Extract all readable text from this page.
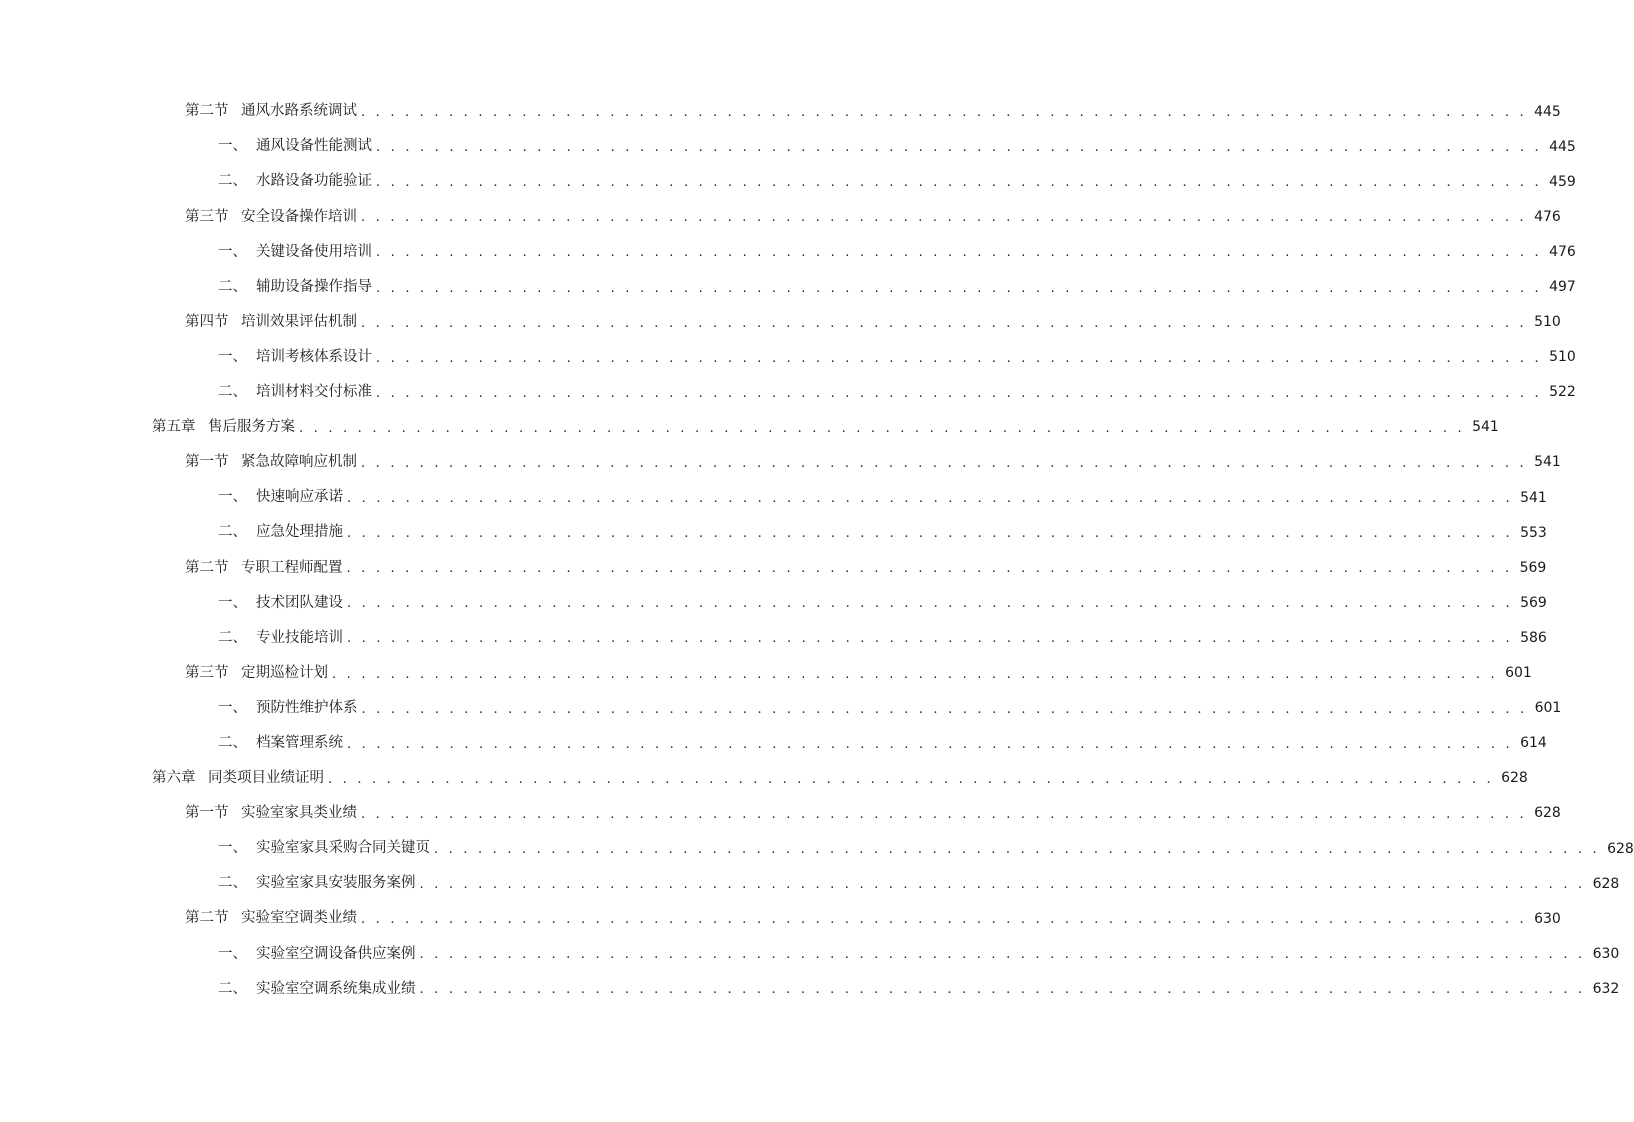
第二节 通风水路系统调试 . . . . . . . . . . . . . . . . . . . . . . . . . . . . . . . . . . . . . . . . . . . . . . . . . . . . . . . . . . . . . . . . . . . . . . . . . . . . . . . . 445
一、 通风设备性能测试 . . . . . . . . . . . . . . . . . . . . . . . . . . . . . . . . . . . . . . . . . . . . . . . . . . . . . . . . . . . . . . . . . . . . . . . . . . . . . . . . 445
二、 水路设备功能验证 . . . . . . . . . . . . . . . . . . . . . . . . . . . . . . . . . . . . . . . . . . . . . . . . . . . . . . . . . . . . . . . . . . . . . . . . . . . . . . . . 459
第三节 安全设备操作培训 . . . . . . . . . . . . . . . . . . . . . . . . . . . . . . . . . . . . . . . . . . . . . . . . . . . . . . . . . . . . . . . . . . . . . . . . . . . . . . . . 476
一、 关键设备使用培训 . . . . . . . . . . . . . . . . . . . . . . . . . . . . . . . . . . . . . . . . . . . . . . . . . . . . . . . . . . . . . . . . . . . . . . . . . . . . . . . . 476
二、 辅助设备操作指导 . . . . . . . . . . . . . . . . . . . . . . . . . . . . . . . . . . . . . . . . . . . . . . . . . . . . . . . . . . . . . . . . . . . . . . . . . . . . . . . . 497
第四节 培训效果评估机制 . . . . . . . . . . . . . . . . . . . . . . . . . . . . . . . . . . . . . . . . . . . . . . . . . . . . . . . . . . . . . . . . . . . . . . . . . . . . . . . . 510
一、 培训考核体系设计 . . . . . . . . . . . . . . . . . . . . . . . . . . . . . . . . . . . . . . . . . . . . . . . . . . . . . . . . . . . . . . . . . . . . . . . . . . . . . . . . 510
二、 培训材料交付标准 . . . . . . . . . . . . . . . . . . . . . . . . . . . . . . . . . . . . . . . . . . . . . . . . . . . . . . . . . . . . . . . . . . . . . . . . . . . . . . . . 522
第五章 售后服务方案 . . . . . . . . . . . . . . . . . . . . . . . . . . . . . . . . . . . . . . . . . . . . . . . . . . . . . . . . . . . . . . . . . . . . . . . . . . . . . . . . 541
第一节 紧急故障响应机制 . . . . . . . . . . . . . . . . . . . . . . . . . . . . . . . . . . . . . . . . . . . . . . . . . . . . . . . . . . . . . . . . . . . . . . . . . . . . . . . . 541
一、 快速响应承诺 . . . . . . . . . . . . . . . . . . . . . . . . . . . . . . . . . . . . . . . . . . . . . . . . . . . . . . . . . . . . . . . . . . . . . . . . . . . . . . . . 541
二、 应急处理措施 . . . . . . . . . . . . . . . . . . . . . . . . . . . . . . . . . . . . . . . . . . . . . . . . . . . . . . . . . . . . . . . . . . . . . . . . . . . . . . . . 553
第二节 专职工程师配置 . . . . . . . . . . . . . . . . . . . . . . . . . . . . . . . . . . . . . . . . . . . . . . . . . . . . . . . . . . . . . . . . . . . . . . . . . . . . . . . . 569
一、 技术团队建设 . . . . . . . . . . . . . . . . . . . . . . . . . . . . . . . . . . . . . . . . . . . . . . . . . . . . . . . . . . . . . . . . . . . . . . . . . . . . . . . . 569
二、 专业技能培训 . . . . . . . . . . . . . . . . . . . . . . . . . . . . . . . . . . . . . . . . . . . . . . . . . . . . . . . . . . . . . . . . . . . . . . . . . . . . . . . . 586
第三节 定期巡检计划 . . . . . . . . . . . . . . . . . . . . . . . . . . . . . . . . . . . . . . . . . . . . . . . . . . . . . . . . . . . . . . . . . . . . . . . . . . . . . . . . 601
一、 预防性维护体系 . . . . . . . . . . . . . . . . . . . . . . . . . . . . . . . . . . . . . . . . . . . . . . . . . . . . . . . . . . . . . . . . . . . . . . . . . . . . . . . . 601
二、 档案管理系统 . . . . . . . . . . . . . . . . . . . . . . . . . . . . . . . . . . . . . . . . . . . . . . . . . . . . . . . . . . . . . . . . . . . . . . . . . . . . . . . . 614
第六章 同类项目业绩证明 . . . . . . . . . . . . . . . . . . . . . . . . . . . . . . . . . . . . . . . . . . . . . . . . . . . . . . . . . . . . . . . . . . . . . . . . . . . . . . . . 628
第一节 实验室家具类业绩 . . . . . . . . . . . . . . . . . . . . . . . . . . . . . . . . . . . . . . . . . . . . . . . . . . . . . . . . . . . . . . . . . . . . . . . . . . . . . . . . 628
一、 实验室家具采购合同关键页 . . . . . . . . . . . . . . . . . . . . . . . . . . . . . . . . . . . . . . . . . . . . . . . . . . . . . . . . . . . . . . . . . . . . . . . . . . . . . . . . 628
二、 实验室家具安装服务案例 . . . . . . . . . . . . . . . . . . . . . . . . . . . . . . . . . . . . . . . . . . . . . . . . . . . . . . . . . . . . . . . . . . . . . . . . . . . . . . . . 628
第二节 实验室空调类业绩 . . . . . . . . . . . . . . . . . . . . . . . . . . . . . . . . . . . . . . . . . . . . . . . . . . . . . . . . . . . . . . . . . . . . . . . . . . . . . . . . 630
一、 实验室空调设备供应案例 . . . . . . . . . . . . . . . . . . . . . . . . . . . . . . . . . . . . . . . . . . . . . . . . . . . . . . . . . . . . . . . . . . . . . . . . . . . . . . . . 630
二、 实验室空调系统集成业绩 . . . . . . . . . . . . . . . . . . . . . . . . . . . . . . . . . . . . . . . . . . . . . . . . . . . . . . . . . . . . . . . . . . . . . . . . . . . . . . . . 632
